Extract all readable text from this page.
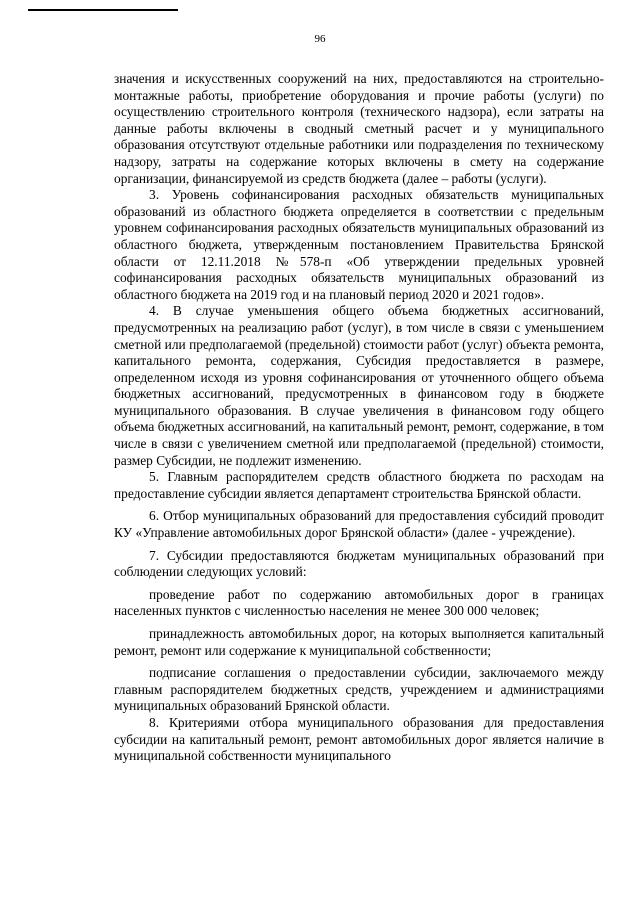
96

значения и искусственных сооружений на них, предоставляются на строительно-монтажные работы, приобретение оборудования и прочие работы (услуги) по осуществлению строительного контроля (технического надзора), если затраты на данные работы включены в сводный сметный расчет и у муниципального образования отсутствуют отдельные работники или подразделения по техническому надзору, затраты на содержание которых включены в смету на содержание организации, финансируемой из средств бюджета (далее – работы (услуги).

3. Уровень софинансирования расходных обязательств муниципальных образований из областного бюджета определяется в соответствии с предельным уровнем софинансирования расходных обязательств муниципальных образований из областного бюджета, утвержденным постановлением Правительства Брянской области от 12.11.2018 №578-п «Об утверждении предельных уровней софинансирования расходных обязательств муниципальных образований из областного бюджета на 2019 год и на плановый период 2020 и 2021 годов».

4. В случае уменьшения общего объема бюджетных ассигнований, предусмотренных на реализацию работ (услуг), в том числе в связи с уменьшением сметной или предполагаемой (предельной) стоимости работ (услуг) объекта ремонта, капитального ремонта, содержания, Субсидия предоставляется в размере, определенном исходя из уровня софинансирования от уточненного общего объема бюджетных ассигнований, предусмотренных в финансовом году в бюджете муниципального образования. В случае увеличения в финансовом году общего объема бюджетных ассигнований, на капитальный ремонт, ремонт, содержание, в том числе в связи с увеличением сметной или предполагаемой (предельной) стоимости, размер Субсидии, не подлежит изменению.

5. Главным распорядителем средств областного бюджета по расходам на предоставление субсидии является департамент строительства Брянской области.

6. Отбор муниципальных образований для предоставления субсидий проводит КУ «Управление автомобильных дорог Брянской области» (далее - учреждение).

7. Субсидии предоставляются бюджетам муниципальных образований при соблюдении следующих условий:

проведение работ по содержанию автомобильных дорог в границах населенных пунктов с численностью населения не менее 300 000 человек;

принадлежность автомобильных дорог, на которых выполняется капитальный ремонт, ремонт или содержание к муниципальной собственности;

подписание соглашения о предоставлении субсидии, заключаемого между главным распорядителем бюджетных средств, учреждением и администрациями муниципальных образований Брянской области.

8. Критериями отбора муниципального образования для предоставления субсидии на капитальный ремонт, ремонт автомобильных дорог является наличие в муниципальной собственности муниципального
